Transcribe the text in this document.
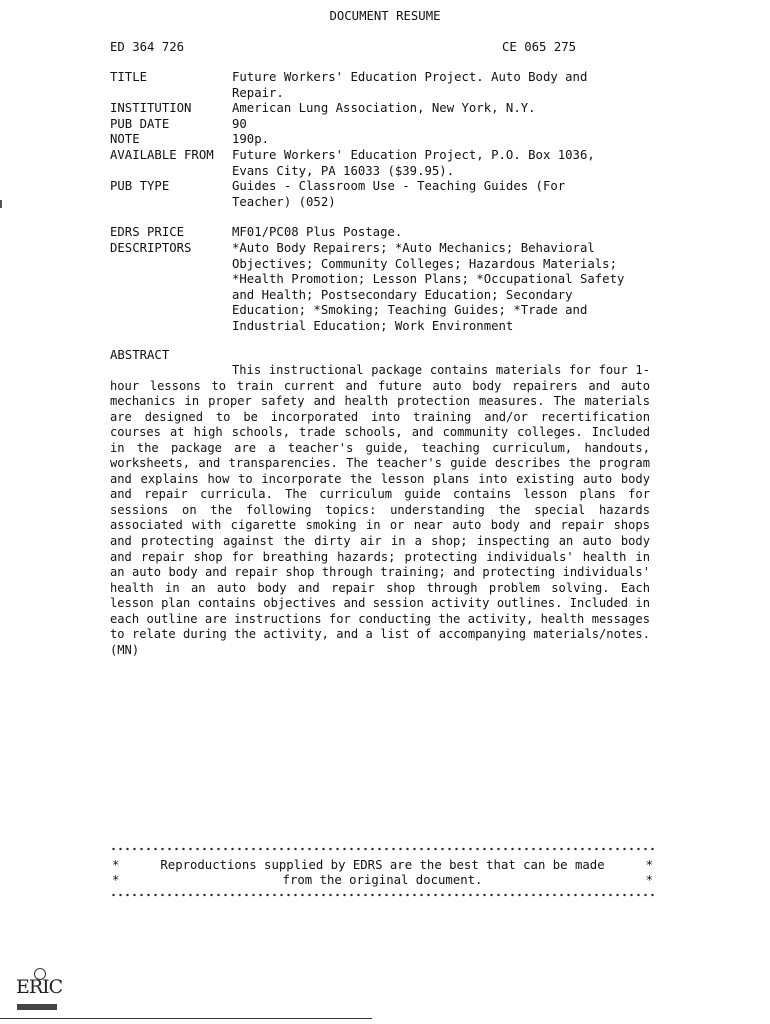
DOCUMENT RESUME
ED 364 726	CE 065 275
TITLE	Future Workers' Education Project. Auto Body and
Repair.
INSTITUTION	American Lung Association, New York, N.Y.
PUB DATE	90
NOTE	190p.
AVAILABLE FROM	Future Workers' Education Project, P.O. Box 1036,
Evans City, PA 16033 ($39.95).
PUB TYPE	Guides - Classroom Use - Teaching Guides (For
Teacher) (052)
EDRS PRICE	MF01/PC08 Plus Postage.
DESCRIPTORS	*Auto Body Repairers; *Auto Mechanics; Behavioral
Objectives; Community Colleges; Hazardous Materials;
*Health Promotion; Lesson Plans; *Occupational Safety
and Health; Postsecondary Education; Secondary
Education; *Smoking; Teaching Guides; *Trade and
Industrial Education; Work Environment
ABSTRACT
This instructional package contains materials for four 1-hour lessons to train current and future auto body repairers and auto mechanics in proper safety and health protection measures. The materials are designed to be incorporated into training and/or recertification courses at high schools, trade schools, and community colleges. Included in the package are a teacher's guide, teaching curriculum, handouts, worksheets, and transparencies. The teacher's guide describes the program and explains how to incorporate the lesson plans into existing auto body and repair curricula. The curriculum guide contains lesson plans for sessions on the following topics: understanding the special hazards associated with cigarette smoking in or near auto body and repair shops and protecting against the dirty air in a shop; inspecting an auto body and repair shop for breathing hazards; protecting individuals' health in an auto body and repair shop through training; and protecting individuals' health in an auto body and repair shop through problem solving. Each lesson plan contains objectives and session activity outlines. Included in each outline are instructions for conducting the activity, health messages to relate during the activity, and a list of accompanying materials/notes. (MN)
*	Reproductions supplied by EDRS are the best that can be made	*
*	from the original document.	*
ERIC
